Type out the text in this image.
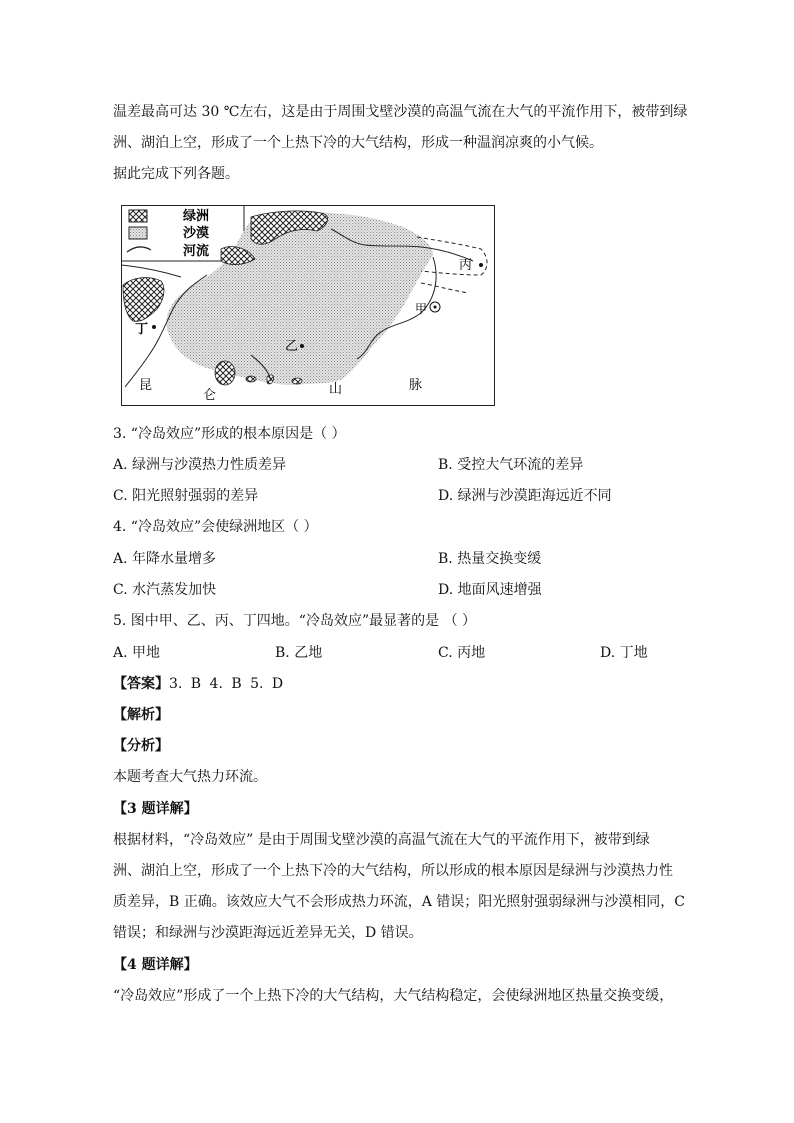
温差最高可达 30 ℃左右，这是由于周围戈壁沙漠的高温气流在大气的平流作用下，被带到绿
洲、湖泊上空，形成了一个上热下冷的大气结构，形成一种温润凉爽的小气候。
据此完成下列各题。
绿洲
沙漠
河流
丙
甲
丁
乙
昆
仑	山	脉
3. “冷岛效应”形成的根本原因是（ ）
A. 绿洲与沙漠热力性质差异	B. 受控大气环流的差异
C. 阳光照射强弱的差异	D. 绿洲与沙漠距海远近不同
4. “冷岛效应”会使绿洲地区（ ）
A. 年降水量增多	B. 热量交换变缓
C. 水汽蒸发加快	D. 地面风速增强
5. 图中甲、乙、丙、丁四地。“冷岛效应”最显著的是 （ ）
A. 甲地	B. 乙地	C. 丙地	D. 丁地
【答案】3. B 4. B 5. D
【解析】
【分析】
本题考查大气热力环流。
【3 题详解】
根据材料，“冷岛效应” 是由于周围戈壁沙漠的高温气流在大气的平流作用下，被带到绿
洲、湖泊上空，形成了一个上热下冷的大气结构，所以形成的根本原因是绿洲与沙漠热力性
质差异，B 正确。该效应大气不会形成热力环流，A 错误；阳光照射强弱绿洲与沙漠相同，C
错误；和绿洲与沙漠距海远近差异无关，D 错误。
【4 题详解】
“冷岛效应”形成了一个上热下冷的大气结构，大气结构稳定，会使绿洲地区热量交换变缓，
